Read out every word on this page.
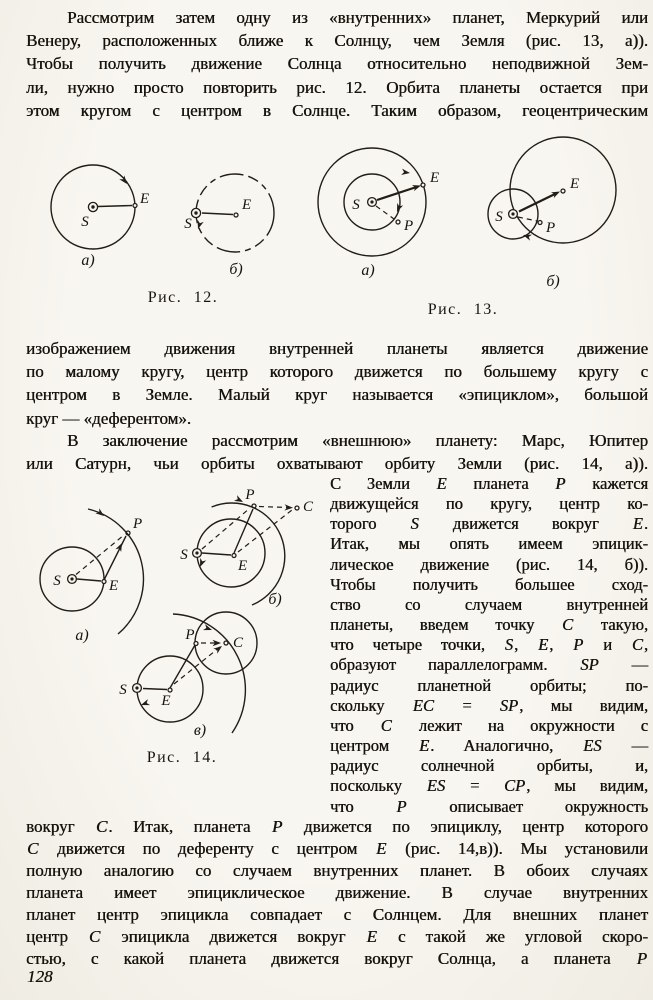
Рассмотрим затем одну из «внутренних» планет, Меркурий или
Венеру, расположенных ближе к Солнцу, чем Земля (рис. 13, а)).
Чтобы получить движение Солнца относительно неподвижной Зем-
ли, нужно просто повторить рис. 12. Орбита планеты остается при
этом кругом с центром в Солнце. Таким образом, геоцентрическим
S
E
а)
S
E
б)
Рис. 12.
S
E
P
а)
S
E
P
б)
Рис. 13.
изображением движения внутренней планеты является движение
по малому кругу, центр которого движется по большему кругу с
центром в Земле. Малый круг называется «эпициклом», большой
круг — «деферентом».
В заключение рассмотрим «внешнюю» планету: Марс, Юпитер
или Сатурн, чьи орбиты охватывают орбиту Земли (рис. 14, а)).
S	E
P
а)
S
E
P
C
б)
S
E
P	C
в)
Рис. 14.
С Земли E планета P кажется
движущейся по кругу, центр ко-
торого S движется вокруг E.
Итак, мы опять имеем эпицик-
лическое движение (рис. 14, б)).
Чтобы получить большее сход-
ство со случаем внутренней
планеты, введем точку C такую,
что четыре точки, S, E, P и C,
образуют параллелограмм. SP —
радиус планетной орбиты; по-
скольку EC = SP, мы видим,
что C лежит на окружности с
центром E. Аналогично, ES —
радиус солнечной орбиты, и,
поскольку ES = CP, мы видим,
что P описывает окружность
вокруг C. Итак, планета P движется по эпициклу, центр которого
C движется по деференту с центром E (рис. 14,в)). Мы установили
полную аналогию со случаем внутренних планет. В обоих случаях
планета имеет эпициклическое движение. В случае внутренних
планет центр эпицикла совпадает с Солнцем. Для внешних планет
центр C эпицикла движется вокруг E с такой же угловой скоро-
стью, с какой планета движется вокруг Солнца, а планета P
128
